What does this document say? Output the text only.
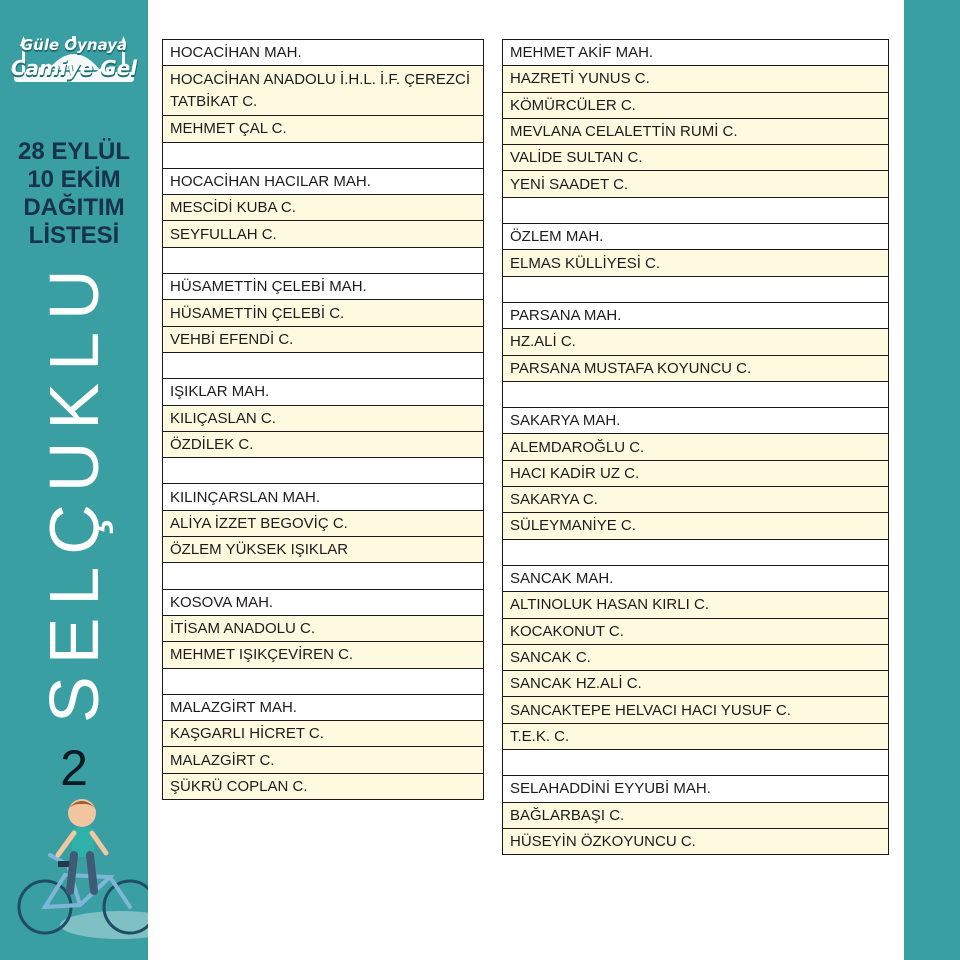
Güle Oynaya
Camiye Gel
28 EYLÜL
10 EKİM
DAĞITIM
LİSTESİ
SELÇUKLU
2
HOCACİHAN MAH.
HOCACİHAN ANADOLU İ.H.L. İ.F. ÇEREZCİ TATBİKAT C.
MEHMET ÇAL C.
HOCACİHAN HACILAR MAH.
MESCİDİ KUBA C.
SEYFULLAH C.
HÜSAMETTİN ÇELEBİ MAH.
HÜSAMETTİN ÇELEBİ C.
VEHBİ EFENDİ C.
IŞIKLAR MAH.
KILIÇASLAN C.
ÖZDİLEK C.
KILINÇARSLAN MAH.
ALİYA İZZET BEGOVİÇ C.
ÖZLEM YÜKSEK IŞIKLAR
KOSOVA MAH.
İTİSAM ANADOLU C.
MEHMET IŞIKÇEVİREN C.
MALAZGİRT MAH.
KAŞGARLI HİCRET C.
MALAZGİRT C.
ŞÜKRÜ COPLAN C.
MEHMET AKİF MAH.
HAZRETİ YUNUS C.
KÖMÜRCÜLER C.
MEVLANA CELALETTİN RUMİ C.
VALİDE SULTAN C.
YENİ SAADET C.
ÖZLEM MAH.
ELMAS KÜLLİYESİ C.
PARSANA MAH.
HZ.ALİ C.
PARSANA MUSTAFA KOYUNCU C.
SAKARYA MAH.
ALEMDAROĞLU C.
HACI KADİR UZ C.
SAKARYA C.
SÜLEYMANİYE C.
SANCAK MAH.
ALTINOLUK HASAN KIRLI C.
KOCAKONUT C.
SANCAK C.
SANCAK HZ.ALİ C.
SANCAKTEPE HELVACI HACI YUSUF C.
T.E.K. C.
SELAHADDİNİ EYYUBİ MAH.
BAĞLARBAŞI C.
HÜSEYİN ÖZKOYUNCU C.
